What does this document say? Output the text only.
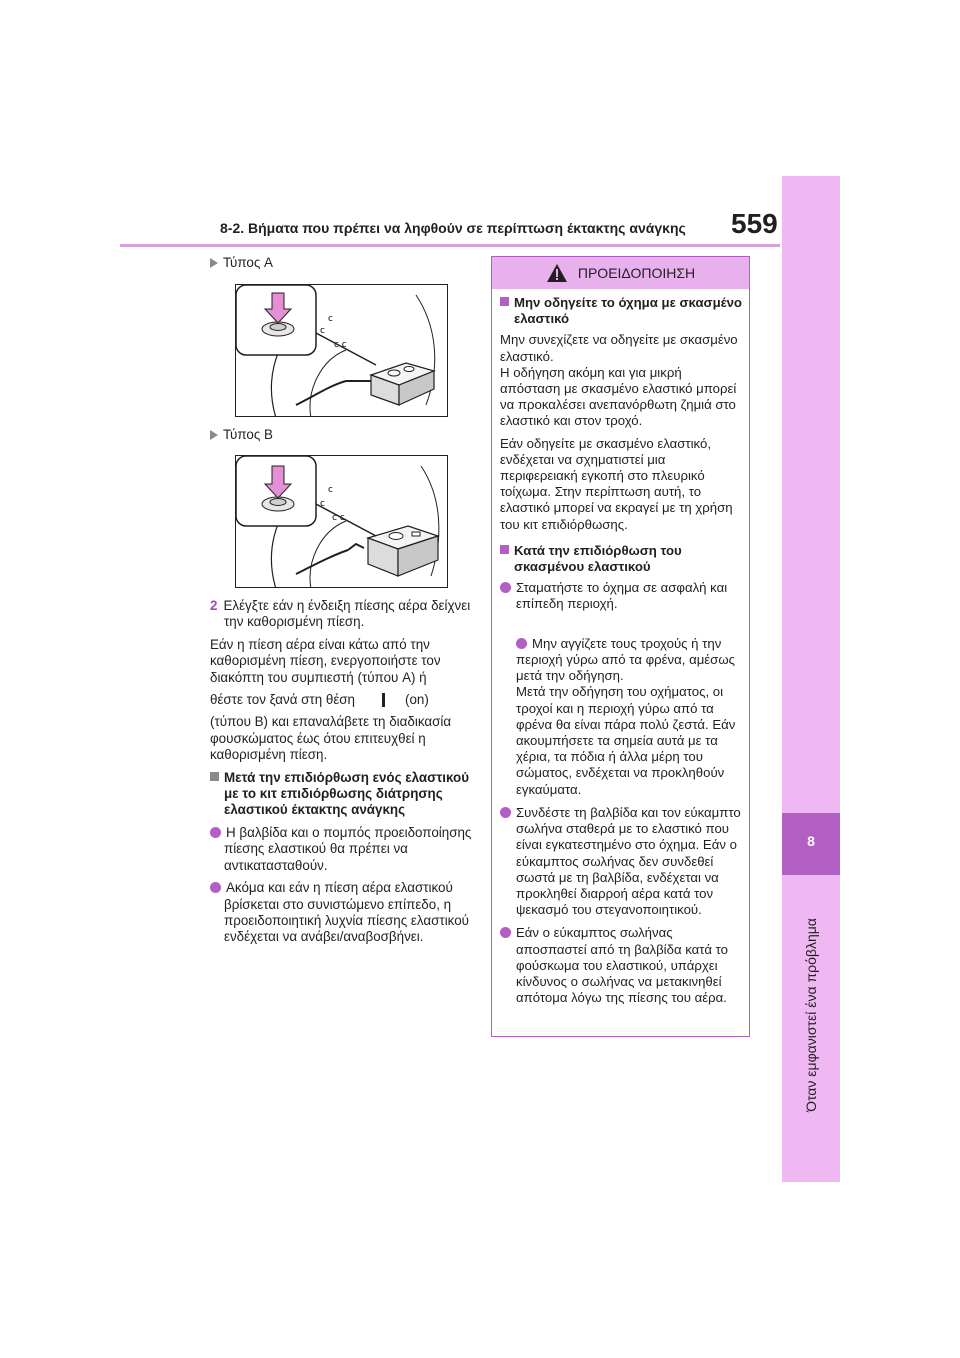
8-2. Βήματα που πρέπει να ληφθούν σε περίπτωση έκτακτης ανάγκης 559
8
Όταν εμφανιστεί ένα πρόβλημα
Τύπος A
c
c
c c
Τύπος B
c
c
c c
2 Ελέγξτε εάν η ένδειξη πίεσης αέρα δείχνει την καθορισμένη πίεση.
Εάν η πίεση αέρα είναι κάτω από την καθορισμένη πίεση, ενεργοποιήστε τον διακόπτη του συμπιεστή (τύπου A) ή
θέστε τον ξανά στη θέση	(on)
(τύπου B) και επαναλάβετε τη διαδικασία φουσκώματος έως ότου επιτευχθεί η καθορισμένη πίεση.
Μετά την επιδιόρθωση ενός ελαστικού με το κιτ επιδιόρθωσης διάτρησης ελαστικού έκτακτης ανάγκης
Η βαλβίδα και ο πομπός προειδοποίησης πίεσης ελαστικού θα πρέπει να αντικατασταθούν.
Ακόμα και εάν η πίεση αέρα ελαστικού βρίσκεται στο συνιστώμενο επίπεδο, η προειδοποιητική λυχνία πίεσης ελαστικού ενδέχεται να ανάβει/αναβοσβήνει.
ΠΡΟΕΙΔΟΠΟΙΗΣΗ
Μην οδηγείτε το όχημα με σκασμένο ελαστικό
Μην συνεχίζετε να οδηγείτε με σκασμένο ελαστικό.
Η οδήγηση ακόμη και για μικρή απόσταση με σκασμένο ελαστικό μπορεί να προκαλέσει ανεπανόρθωτη ζημιά στο ελαστικό και στον τροχό.
Εάν οδηγείτε με σκασμένο ελαστικό, ενδέχεται να σχηματιστεί μια περιφερειακή εγκοπή στο πλευρικό τοίχωμα. Στην περίπτωση αυτή, το ελαστικό μπορεί να εκραγεί με τη χρήση του κιτ επιδιόρθωσης.
Κατά την επιδιόρθωση του σκασμένου ελαστικού
Σταματήστε το όχημα σε ασφαλή και επίπεδη περιοχή.

Μην αγγίζετε τους τροχούς ή την περιοχή γύρω από τα φρένα, αμέσως μετά την οδήγηση.
Μετά την οδήγηση του οχήματος, οι τροχοί και η περιοχή γύρω από τα φρένα θα είναι πάρα πολύ ζεστά. Εάν ακουμπήσετε τα σημεία αυτά με τα χέρια, τα πόδια ή άλλα μέρη του σώματος, ενδέχεται να προκληθούν εγκαύματα.

Συνδέστε τη βαλβίδα και τον εύκαμπτο σωλήνα σταθερά με το ελαστικό που είναι εγκατεστημένο στο όχημα. Εάν ο εύκαμπτος σωλήνας δεν συνδεθεί σωστά με τη βαλβίδα, ενδέχεται να προκληθεί διαρροή αέρα κατά τον ψεκασμό του στεγανοποιητικού.
Εάν ο εύκαμπτος σωλήνας αποσπαστεί από τη βαλβίδα κατά το φούσκωμα του ελαστικού, υπάρχει κίνδυνος ο σωλήνας να μετακινηθεί απότομα λόγω της πίεσης του αέρα.
